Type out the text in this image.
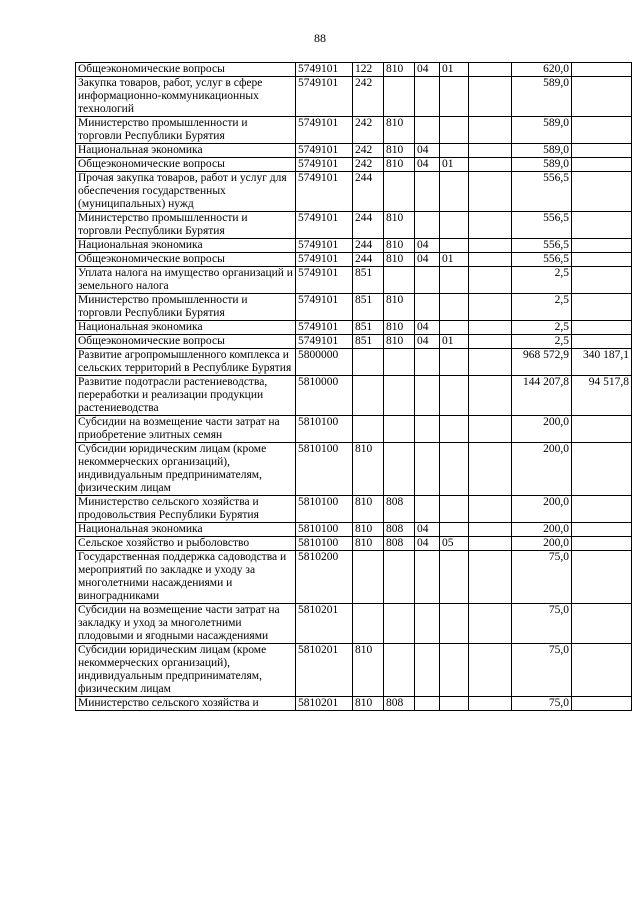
88
Общеэкономические вопросы	5749101	122	810	04	01		620,0	
Закупка товаров, работ, услуг в сфере информационно-коммуникационных технологий	5749101	242					589,0	
Министерство промышленности и торговли Республики Бурятия	5749101	242	810				589,0	
Национальная экономика	5749101	242	810	04			589,0	
Общеэкономические вопросы	5749101	242	810	04	01		589,0	
Прочая закупка товаров, работ и услуг для обеспечения государственных (муниципальных) нужд	5749101	244					556,5	
Министерство промышленности и торговли Республики Бурятия	5749101	244	810				556,5	
Национальная экономика	5749101	244	810	04			556,5	
Общеэкономические вопросы	5749101	244	810	04	01		556,5	
Уплата налога на имущество организаций и земельного налога	5749101	851					2,5	
Министерство промышленности и торговли Республики Бурятия	5749101	851	810				2,5	
Национальная экономика	5749101	851	810	04			2,5	
Общеэкономические вопросы	5749101	851	810	04	01		2,5	
Развитие агропромышленного комплекса и сельских территорий в Республике Бурятия	5800000						968 572,9	340 187,1
Развитие подотрасли растениеводства, переработки и реализации продукции растениеводства	5810000						144 207,8	94 517,8
Субсидии на возмещение части затрат на приобретение элитных семян	5810100						200,0	
Субсидии юридическим лицам (кроме некоммерческих организаций), индивидуальным предпринимателям, физическим лицам	5810100	810					200,0	
Министерство сельского хозяйства и продовольствия Республики Бурятия	5810100	810	808				200,0	
Национальная экономика	5810100	810	808	04			200,0	
Сельское хозяйство и рыболовство	5810100	810	808	04	05		200,0	
Государственная поддержка садоводства и мероприятий по закладке и уходу за многолетними насаждениями и виноградниками	5810200						75,0	
Субсидии на возмещение части затрат на закладку и уход за многолетними плодовыми и ягодными насаждениями	5810201						75,0	
Субсидии юридическим лицам (кроме некоммерческих организаций), индивидуальным предпринимателям, физическим лицам	5810201	810					75,0	
Министерство сельского хозяйства и	5810201	810	808				75,0	
